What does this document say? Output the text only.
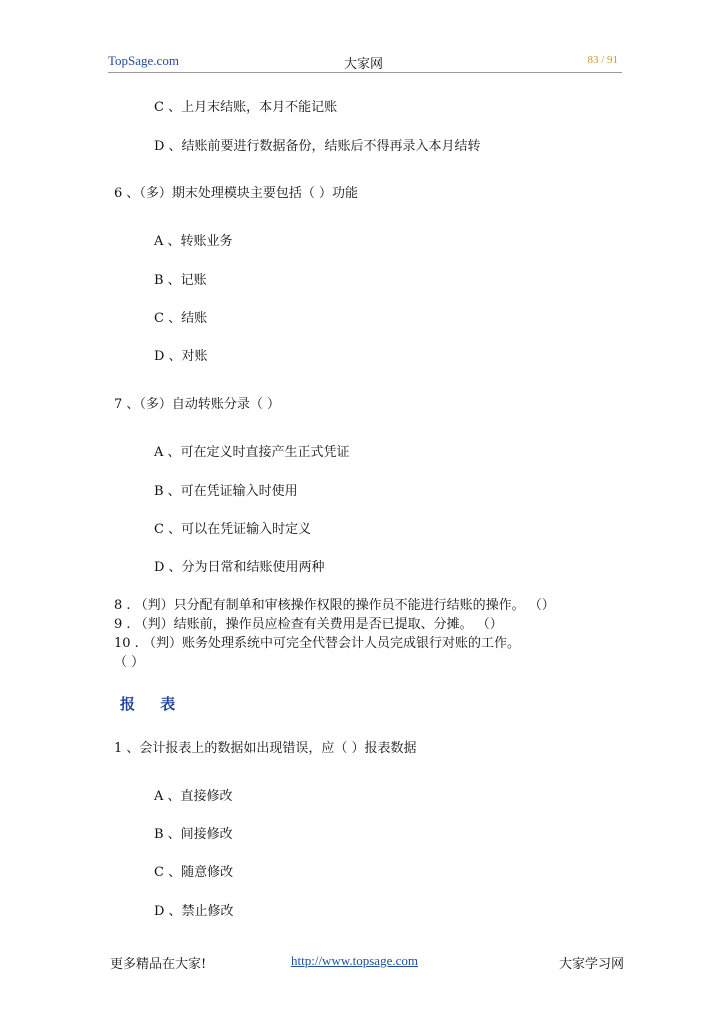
TopSage.com	大家网	83 / 91
C 、上月末结账，本月不能记账
D 、结账前要进行数据备份，结账后不得再录入本月结转
6 、（多）期末处理模块主要包括（ ）功能
A 、转账业务
B 、记账
C 、结账
D 、对账
7 、（多）自动转账分录（ ）
A 、可在定义时直接产生正式凭证
B 、可在凭证输入时使用
C 、可以在凭证输入时定义
D 、分为日常和结账使用两种
8 . （判）只分配有制单和审核操作权限的操作员不能进行结账的操作。 （）
9 . （判）结账前，操作员应检查有关费用是否已提取、分摊。 （）
10 . （判）账务处理系统中可完全代替会计人员完成银行对账的工作。
（ ）
报 表
1 、会计报表上的数据如出现错误，应（ ）报表数据
A 、直接修改
B 、间接修改
C 、随意修改
D 、禁止修改
更多精品在大家!	http://www.topsage.com	大家学习网
